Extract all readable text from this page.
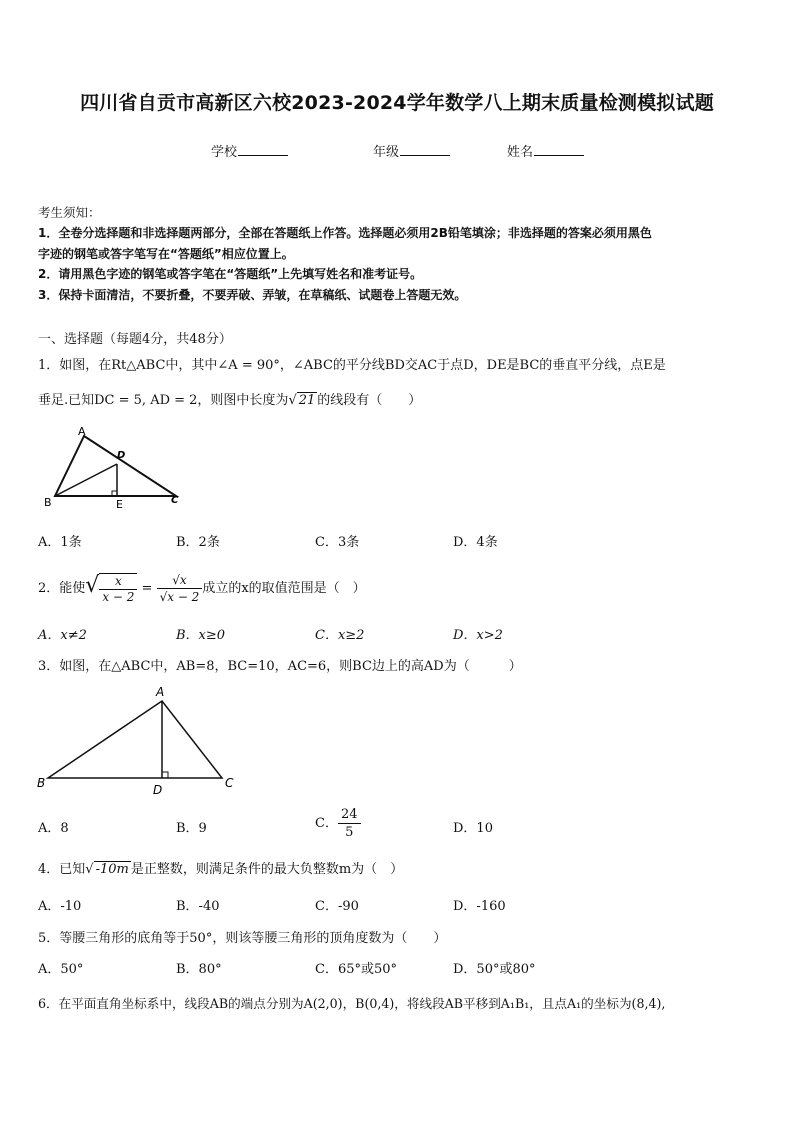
四川省自贡市高新区六校2023-2024学年数学八上期末质量检测模拟试题
学校	年级	姓名
考生须知：
1．全卷分选择题和非选择题两部分，全部在答题纸上作答。选择题必须用2B铅笔填涂；非选择题的答案必须用黑色
字迹的钢笔或答字笔写在“答题纸”相应位置上。
2．请用黑色字迹的钢笔或答字笔在“答题纸”上先填写姓名和准考证号。
3．保持卡面清洁，不要折叠，不要弄破、弄皱，在草稿纸、试题卷上答题无效。
一、选择题（每题4分，共48分）
1．如图，在Rt△ABC中，其中∠A = 90°，∠ABC的平分线BD交AC于点D，DE是BC的垂直平分线，点E是
垂足.已知DC = 5, AD = 2，则图中长度为√ 21 的线段有（　　）
A
B	C
D
E
A．1条	B．2条	C．3条	D．4条
2．能使√ $\frac{x}{x - 2} = \frac{√x}{√x - 2}$ 成立的x的取值范围是（　）
A．x≠2	B．x≥0	C．x≥2	D．x>2
3．如图，在△ABC中，AB=8，BC=10，AC=6，则BC边上的高AD为（　　　）
A
B	C
D
A．8	B．9	C． $\frac{24}{5}$	D．10
4．已知√ -10m 是正整数，则满足条件的最大负整数m为（　）
A．-10	B．-40	C．-90	D．-160
5．等腰三角形的底角等于50°，则该等腰三角形的顶角度数为（　　）
A．50°	B．80°	C．65°或50°	D．50°或80°
6．在平面直角坐标系中，线段AB的端点分别为A(2,0)，B(0,4)，将线段AB平移到A₁B₁，且点A₁的坐标为(8,4),
